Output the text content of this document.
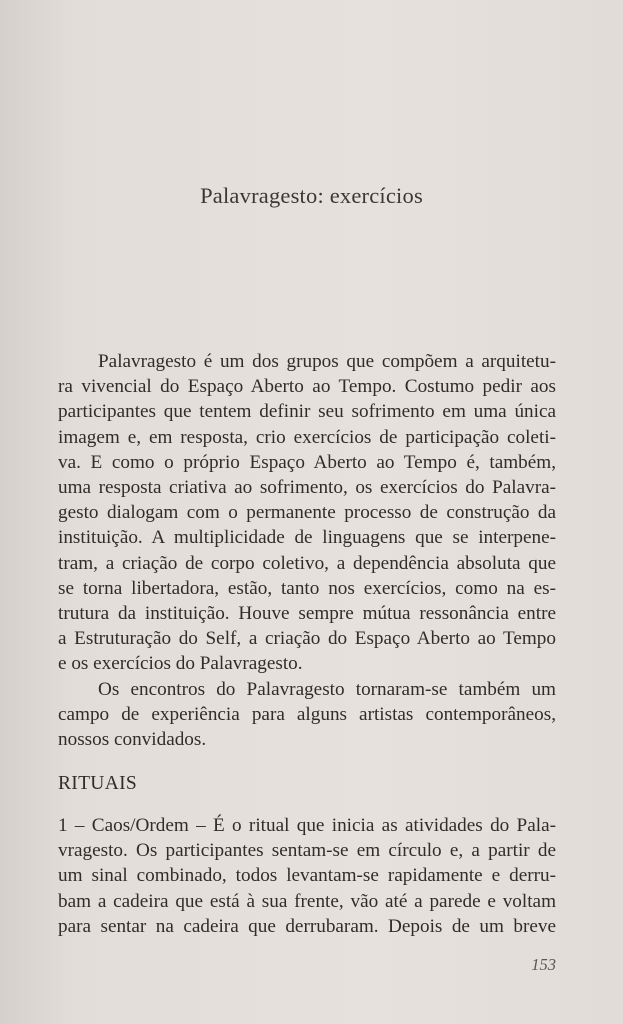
Palavragesto: exercícios
Palavragesto é um dos grupos que compõem a arquitetu-
ra vivencial do Espaço Aberto ao Tempo. Costumo pedir aos
participantes que tentem definir seu sofrimento em uma única
imagem e, em resposta, crio exercícios de participação coleti-
va. E como o próprio Espaço Aberto ao Tempo é, também,
uma resposta criativa ao sofrimento, os exercícios do Palavra-
gesto dialogam com o permanente processo de construção da
instituição. A multiplicidade de linguagens que se interpene-
tram, a criação de corpo coletivo, a dependência absoluta que
se torna libertadora, estão, tanto nos exercícios, como na es-
trutura da instituição. Houve sempre mútua ressonância entre
a Estruturação do Self, a criação do Espaço Aberto ao Tempo
e os exercícios do Palavragesto.
Os encontros do Palavragesto tornaram-se também um
campo de experiência para alguns artistas contemporâneos,
nossos convidados.
RITUAIS
1 – Caos/Ordem – É o ritual que inicia as atividades do Pala-
vragesto. Os participantes sentam-se em círculo e, a partir de
um sinal combinado, todos levantam-se rapidamente e derru-
bam a cadeira que está à sua frente, vão até a parede e voltam
para sentar na cadeira que derrubaram. Depois de um breve
153
